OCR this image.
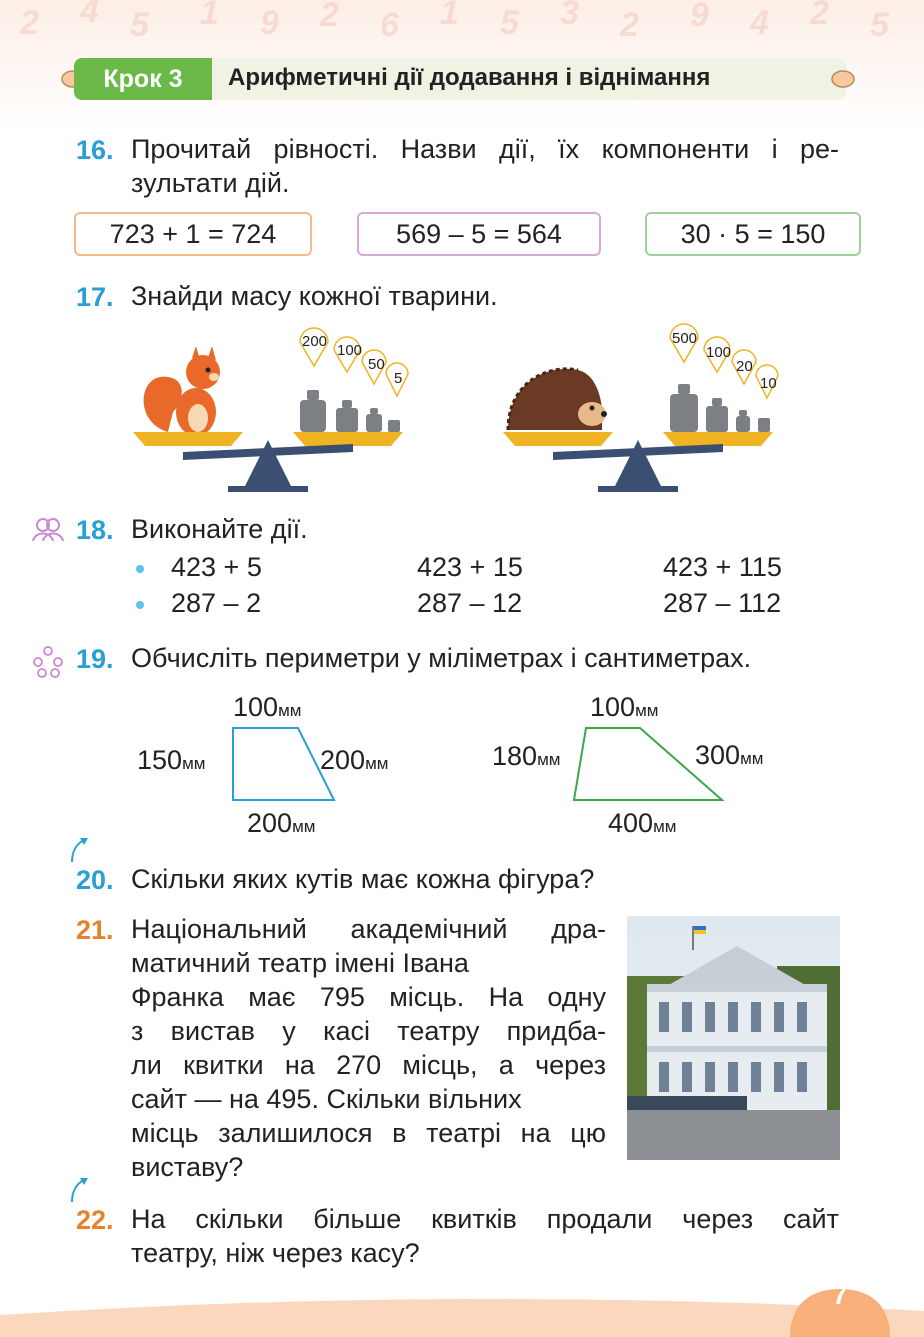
2 4 5 1 9 2 6 1 5 3 2 9 4 2 5
Крок 3	Арифметичні дії додавання і віднімання
16. Прочитай рівності. Назви дії, їх компоненти і ре-
зультати дій.
723 + 1 = 724	569 – 5 = 564	30 · 5 = 150
17. Знайди масу кожної тварини.
200
100
50
5
500
100
20
10
18. Виконайте дії.
423 + 5	423 + 15	423 + 115
287 – 2	287 – 12	287 – 112
19. Обчисліть периметри у міліметрах і сантиметрах.
100мм
150мм	200мм
200мм
100мм
180мм	300мм
400мм
20. Скільки яких кутів має кожна фігура?
21. Національний академічний дра-
матичний театр імені Івана
Франка має 795 місць. На одну
з вистав у касі театру придба-
ли квитки на 270 місць, а через
сайт — на 495. Скільки вільних
місць залишилося в театрі на цю
виставу?
22. На скільки більше квитків продали через сайт
театру, ніж через касу?
7
